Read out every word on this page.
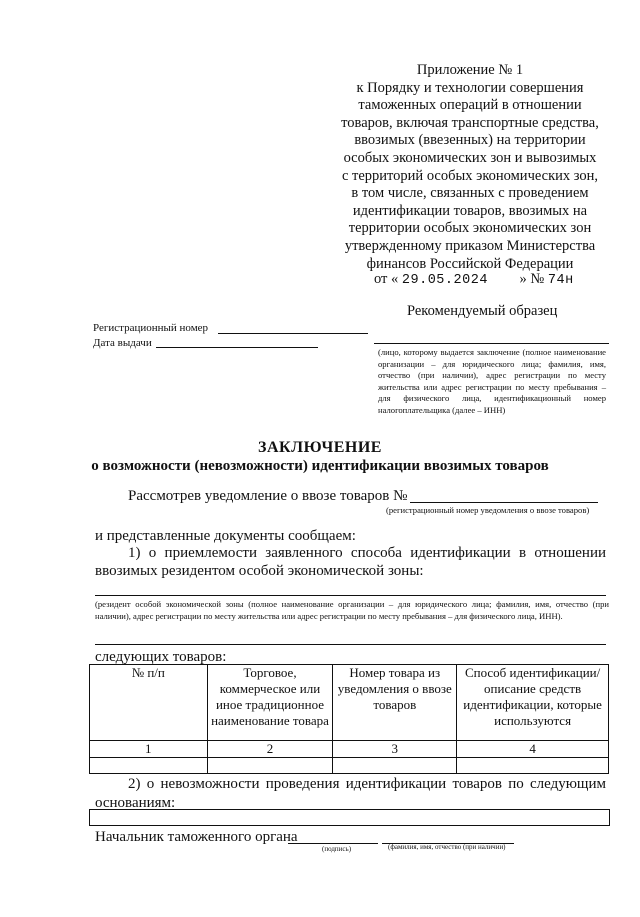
Приложение № 1
к Порядку и технологии совершения
таможенных операций в отношении
товаров, включая транспортные средства,
ввозимых (ввезенных) на территории
особых экономических зон и вывозимых
с территорий особых экономических зон,
в том числе, связанных с проведением
идентификации товаров, ввозимых на
территории особых экономических зон
утвержденному приказом Министерства
финансов Российской Федерации
от « 29.05.2024 » № 74н
Рекомендуемый образец
Регистрационный номер
Дата выдачи
(лицо, которому выдается заключение (полное наименование организации – для юридического лица; фамилия, имя, отчество (при наличии), адрес регистрации по месту жительства или адрес регистрации по месту пребывания – для физического лица, идентификационный номер налогоплательщика (далее – ИНН)
ЗАКЛЮЧЕНИЕ
о возможности (невозможности) идентификации ввозимых товаров
Рассмотрев уведомление о ввозе товаров №
(регистрационный номер уведомления о ввозе товаров)
и представленные документы сообщаем:
1) о приемлемости заявленного способа идентификации в отношении
ввозимых резидентом особой экономической зоны:
(резидент особой экономической зоны (полное наименование организации – для юридического лица; фамилия, имя, отчество (при наличии), адрес регистрации по месту жительства или адрес регистрации по месту пребывания – для физического лица, ИНН).
следующих товаров:
№ п/п	Торговое, коммерческое или иное традиционное наименование товара	Номер товара из уведомления о ввозе товаров	Способ идентификации/описание средств идентификации, которые используются
1	2	3	4

2) о невозможности проведения идентификации товаров по следующим
основаниям:
Начальник таможенного органа
(подпись)	(фамилия, имя, отчество (при наличии)
